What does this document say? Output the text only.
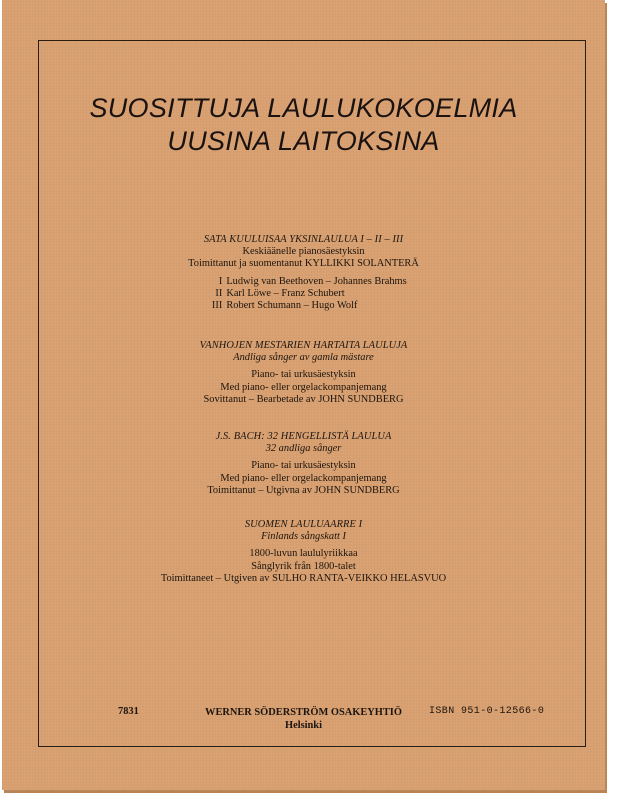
SUOSITTUJA LAULUKOKOELMIA
UUSINA LAITOKSINA
SATA KUULUISAA YKSINLAULUA I – II – III
Keskiäänelle pianosäestyksin
Toimittanut ja suomentanut KYLLIKKI SOLANTERÄ
I Ludwig van Beethoven – Johannes Brahms
II Karl Löwe – Franz Schubert
III Robert Schumann – Hugo Wolf
VANHOJEN MESTARIEN HARTAITA LAULUJA
Andliga sånger av gamla mästare
Piano- tai urkusäestyksin
Med piano- eller orgelackompanjemang
Sovittanut – Bearbetade av JOHN SUNDBERG
J.S. BACH: 32 HENGELLISTÄ LAULUA
32 andliga sånger
Piano- tai urkusäestyksin
Med piano- eller orgelackompanjemang
Toimittanut – Utgivna av JOHN SUNDBERG
SUOMEN LAULUAARRE I
Finlands sångskatt I
1800-luvun laululyriikkaa
Sånglyrik från 1800-talet
Toimittaneet – Utgiven av SULHO RANTA-VEIKKO HELASVUO
7831	WERNER SÖDERSTRÖM OSAKEYHTIÖ
Helsinki
ISBN 951-0-12566-0
